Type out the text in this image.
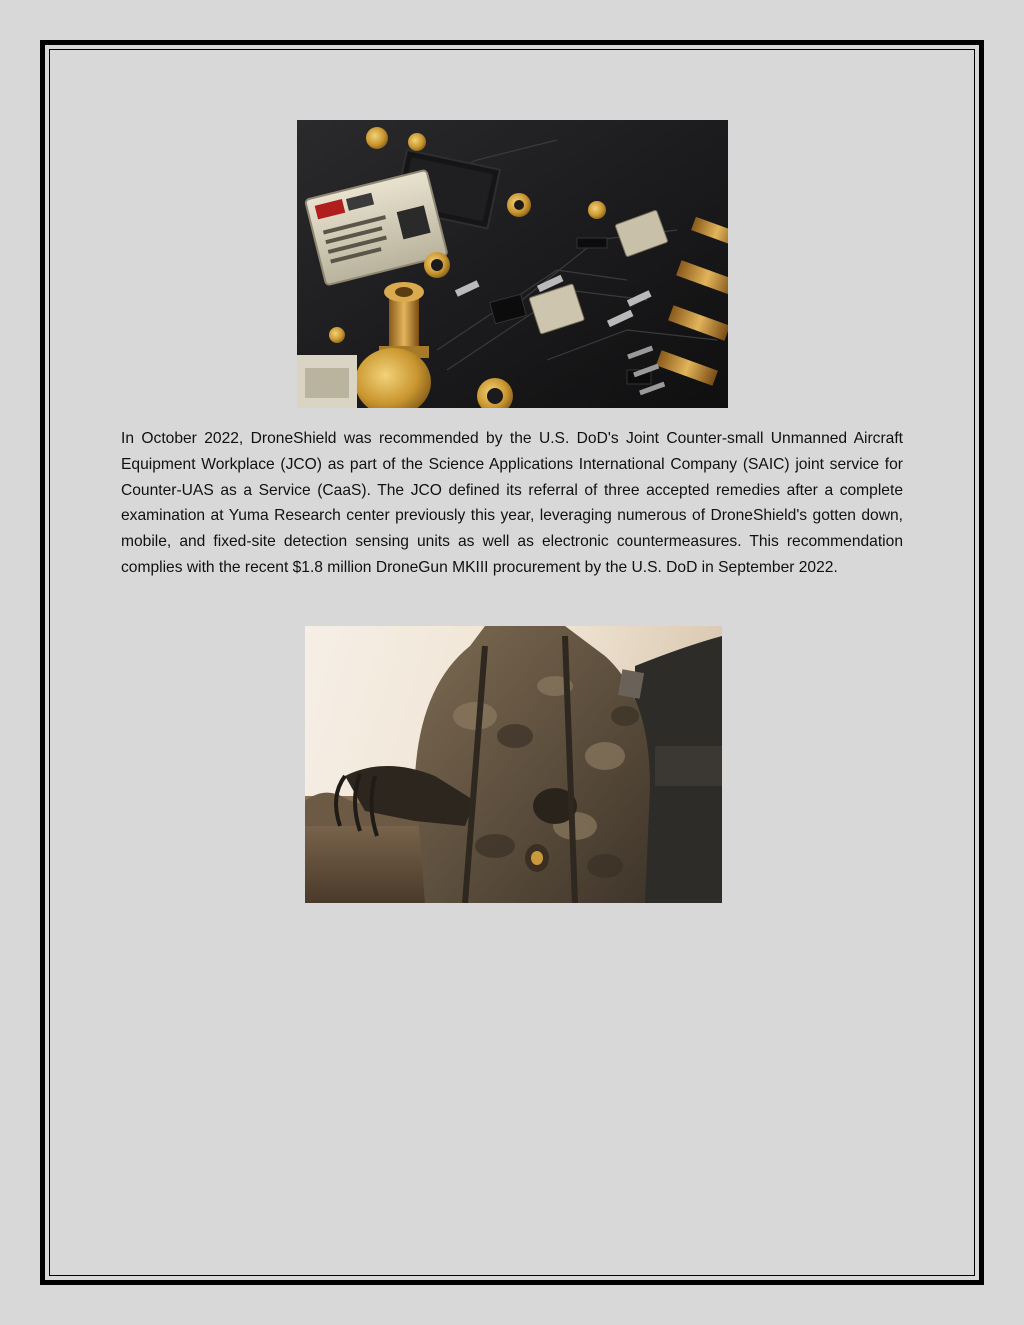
In October 2022, DroneShield was recommended by the U.S. DoD's Joint Counter-small Unmanned Aircraft Equipment Workplace (JCO) as part of the Science Applications International Company (SAIC) joint service for Counter-UAS as a Service (CaaS). The JCO defined its referral of three accepted remedies after a complete examination at Yuma Research center previously this year, leveraging numerous of DroneShield's gotten down, mobile, and fixed-site detection sensing units as well as electronic countermeasures. This recommendation complies with the recent $1.8 million DroneGun MKIII procurement by the U.S. DoD in September 2022.
